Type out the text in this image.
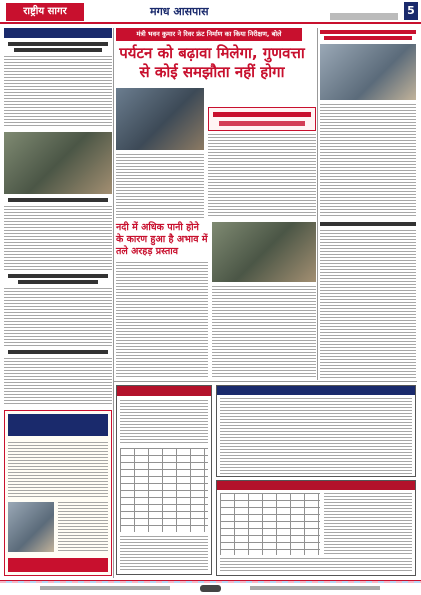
राष्ट्रीय सागर	मगध आसपास	5
मंत्री भवन कुमार ने रिवर फ्रंट निर्माण का किया निरीक्षण, बोले
पर्यटन को बढ़ावा मिलेगा, गुणवत्ता से कोई समझौता नहीं होगा
नदी में अधिक पानी होने के कारण हुआ है अभाव में तले अरहड़ प्रस्ताव
